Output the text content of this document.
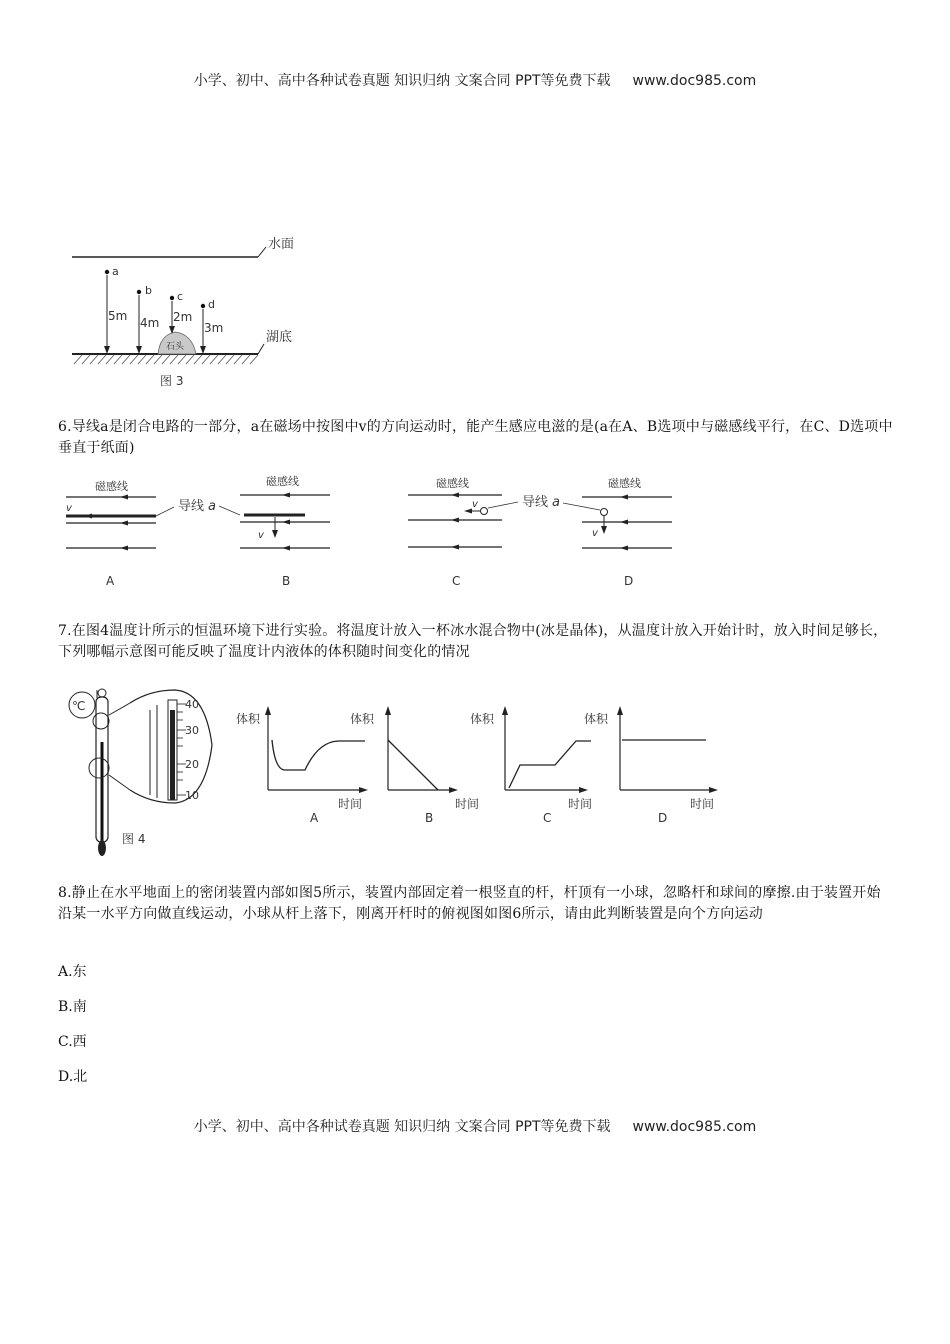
小学、初中、高中各种试卷真题 知识归纳 文案合同 PPT等免费下载 www.doc985.com
水面
湖底
石头
a
5m
b
4m
c
2m
d
3m
图 3
6.导线a是闭合电路的一部分，a在磁场中按图中v的方向运动时，能产生感应电滋的是(a在A、B选项中与磁感线平行，在C、D选项中垂直于纸面)
磁感线
v
A
导线 a
磁感线
v
B
磁感线
v
C
导线 a
磁感线
v
D
7.在图4温度计所示的恒温环境下进行实验。将温度计放入一杯冰水混合物中(冰是晶体)，从温度计放入开始计时，放入时间足够长，下列哪幅示意图可能反映了温度计内液体的体积随时间变化的情况
℃	40
30
20
10
图 4
体积
时间
A
体积
时间
B
体积
时间
C
体积
时间
D
8.静止在水平地面上的密闭装置内部如图5所示，装置内部固定着一根竖直的杆，杆顶有一小球，忽略杆和球间的摩擦.由于装置开始沿某一水平方向做直线运动，小球从杆上落下，刚离开杆时的俯视图如图6所示，请由此判断装置是向个方向运动
A.东
B.南
C.西
D.北
小学、初中、高中各种试卷真题 知识归纳 文案合同 PPT等免费下载 www.doc985.com
